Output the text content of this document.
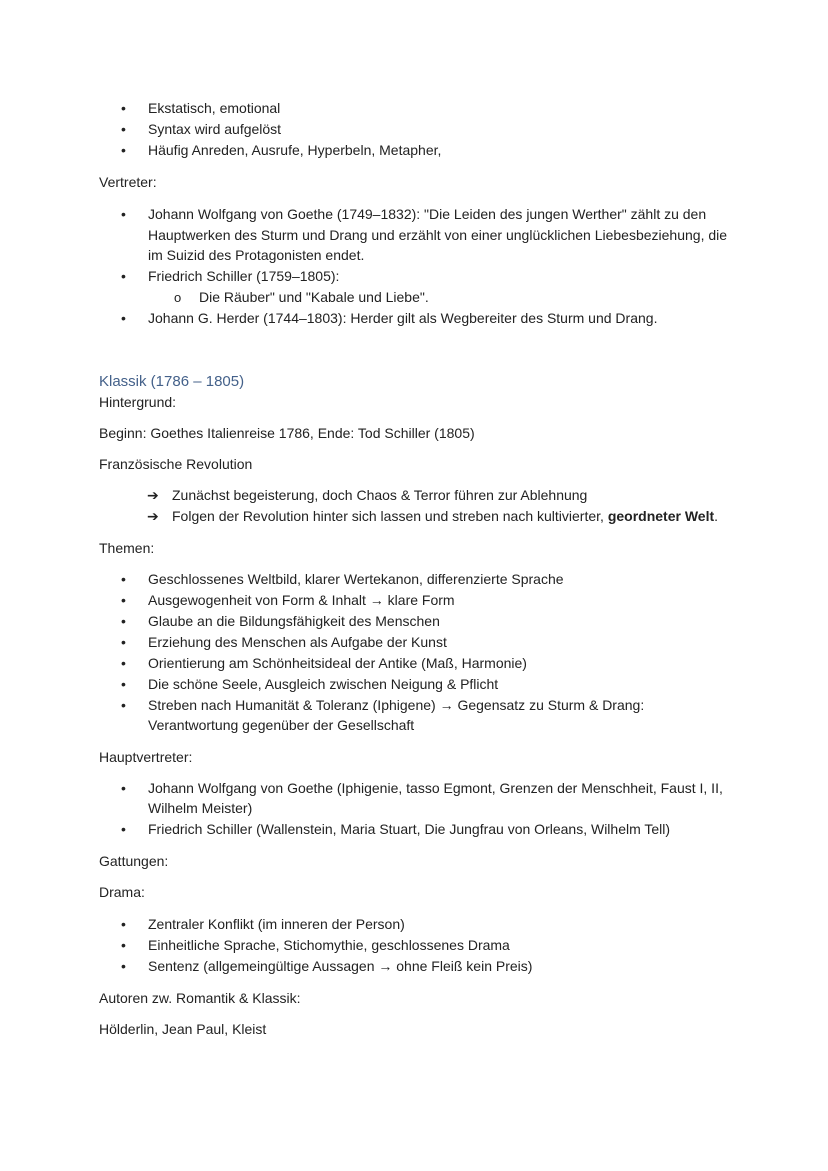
• Ekstatisch, emotional
• Syntax wird aufgelöst
• Häufig Anreden, Ausrufe, Hyperbeln, Metapher,
Vertreter:
• Johann Wolfgang von Goethe (1749–1832): "Die Leiden des jungen Werther" zählt zu den
Hauptwerken des Sturm und Drang und erzählt von einer unglücklichen Liebesbeziehung, die
im Suizid des Protagonisten endet.
• Friedrich Schiller (1759–1805):
o Die Räuber" und "Kabale und Liebe".
• Johann G. Herder (1744–1803): Herder gilt als Wegbereiter des Sturm und Drang.
Klassik (1786 – 1805)
Hintergrund:
Beginn: Goethes Italienreise 1786, Ende: Tod Schiller (1805)
Französische Revolution
➔ Zunächst begeisterung, doch Chaos & Terror führen zur Ablehnung
➔ Folgen der Revolution hinter sich lassen und streben nach kultivierter, geordneter Welt.
Themen:
• Geschlossenes Weltbild, klarer Wertekanon, differenzierte Sprache
• Ausgewogenheit von Form & Inhalt → klare Form
• Glaube an die Bildungsfähigkeit des Menschen
• Erziehung des Menschen als Aufgabe der Kunst
• Orientierung am Schönheitsideal der Antike (Maß, Harmonie)
• Die schöne Seele, Ausgleich zwischen Neigung & Pflicht
• Streben nach Humanität & Toleranz (Iphigene) → Gegensatz zu Sturm & Drang:
Verantwortung gegenüber der Gesellschaft
Hauptvertreter:
• Johann Wolfgang von Goethe (Iphigenie, tasso Egmont, Grenzen der Menschheit, Faust I, II,
Wilhelm Meister)
• Friedrich Schiller (Wallenstein, Maria Stuart, Die Jungfrau von Orleans, Wilhelm Tell)
Gattungen:
Drama:
• Zentraler Konflikt (im inneren der Person)
• Einheitliche Sprache, Stichomythie, geschlossenes Drama
• Sentenz (allgemeingültige Aussagen → ohne Fleiß kein Preis)
Autoren zw. Romantik & Klassik:
Hölderlin, Jean Paul, Kleist
